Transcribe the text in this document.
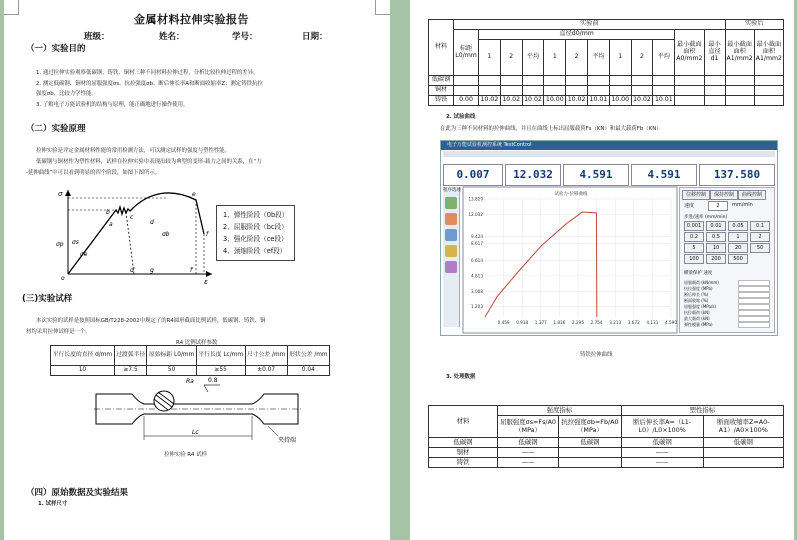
金属材料拉伸实验报告
班级：	姓名：	学号：	日期：
（一）实验目的
1. 通过拉伸实验观察低碳钢、铸铁、铜材三种不同材料拉伸过程，分析比较拉伸过程的差异。
2. 测定低碳钢、铜材的屈服强度σs、抗拉强度σb、断后伸长率A和断面收缩率Z；测定铸铁抗拉
强度σb，比较力学性能。
3. 了解电子万能试验机的结构与原理，能正确地进行操作使用。
（二）实验原理
拉伸实验是评定金属材料性能的常用检测方法，可以测定试样的强度与塑性性能。
低碳钢与铜材作为塑性材料，试样在拉伸实验中表现出较为典型的变形-载力之间的关系，在“力
-延伸曲线”中可以看到明显的四个阶段，如图下图所示。
σ
ε
o
b
a
c
e
f
d
σs
σb
σp
σe
g	f′
d′
1、弹性阶段（0b段）
2、屈服阶段（bc段）
3、强化阶段（ce段）
4、颈缩阶段（ef段）
(三)实验试样
本次实验的试样是按照国标GB/T228-2002中规定了的R4圆形截面比例试样，低碳钢、铸铁、铜
材均采用拉伸试样是一个。
R4 比例试样参数
平行长度的直径 d/mm	过渡弧半径	原始标距 L0/mm	平行长度 Lc/mm	尺寸公差 /mm	形状公差 /mm
10	≥7.5	50	≥55	±0.07	0.04
Ra 0.8
Lc
夹持端
拉伸实验 R4 试样
（四）原始数据及实验结果
1. 试样尺寸
材料	实验前												实验后	
	标距L0/mm	直径d0/mm									最小截面面积A0/mm2	最小直径d1	最小截面面积A1/mm2	最小截面面积A1/mm2
		1	2	平均	1	2	平均	1	2	平均				
低碳钢														
铜材														
铸铁	0.00	10.02	10.02	10.02	10.00	10.02	10.01	10.00	10.02	10.01				
2. 试验曲线
在此为三种不同材料的拉伸曲线，并且在曲线上标出屈服载荷Fs（KN）和最大载荷Fb（KN）
电子万能试验机测控系统 TestControl
0.007	12.032	4.591	4.591	137.580
程序选项
试验力-位移曲线
13.829
12.032
9.424
8.617
6.614
4.813
3.008
1.203
0.459 0.918 1.377 1.836 2.295 2.754 3.213 3.672 4.131 4.590
位移控制	保持控制	曲线控制
速度	2	mm/min
步进/速率 (mm/min)
横梁保护 速度
0.001	0.01	0.05	0.1
0.2	0.5	1	2
5	10	20	50
100	200	500
屈服载荷 (kN/mm)
抗拉强度 (MPa)
断后伸长 (%)
断面收缩 (%)
屈服强度 (MPa/s)
抗拉载荷 (kN)
最大载荷 (kN)
弹性模量 (MPa)
铸铁拉伸曲线
3. 处理数据
材料	强度指标		塑性指标	
	屈服强度σs=Fs/A0（MPa）	抗拉强度σb=Fb/A0（MPa）	断后伸长率A=（L1-L0）/L0×100%	断面收缩率Z=A0-A1）/A0×100%
低碳钢	低碳钢	低碳钢	低碳钢	低碳钢
铜材	——		——	
铸铁	——		——	
